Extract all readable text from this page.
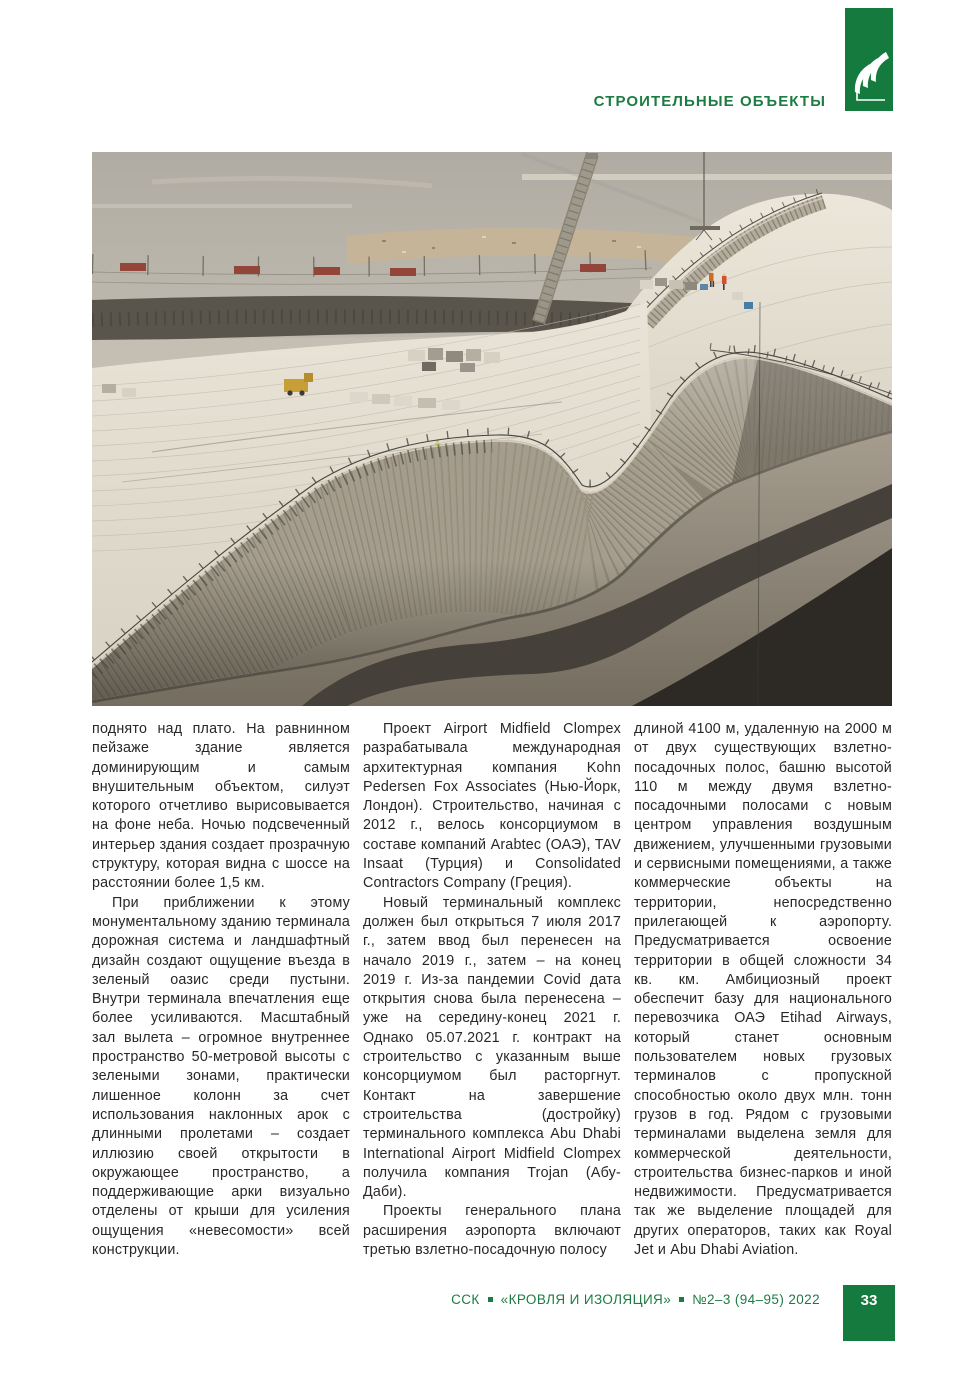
СТРОИТЕЛЬНЫЕ ОБЪЕКТЫ

поднято над плато. На равнинном пейзаже здание является доминирующим и самым внушительным объектом, силуэт которого отчетливо вырисовывается на фоне неба. Ночью подсвеченный интерьер здания создает прозрачную структуру, которая видна с шоссе на расстоянии более 1,5 км.

При приближении к этому монументальному зданию терминала дорожная система и ландшафтный дизайн создают ощущение въезда в зеленый оазис среди пустыни. Внутри терминала впечатления еще более усиливаются. Масштабный зал вылета – огромное внутреннее пространство 50-метровой высоты с зелеными зонами, практически лишенное колонн за счет использования наклонных арок с длинными пролетами – создает иллюзию своей открытости в окружающее пространство, а поддерживающие арки визуально отделены от крыши для усиления ощущения «невесомости» всей конструкции.

Проект Airport Midfield Clompex разрабатывала международная архитектурная компания Kohn Pedersen Fox Associates (Нью-Йорк, Лондон). Строительство, начиная с 2012 г., велось консорциумом в составе компаний Arabtec (ОАЭ), TAV Insaat (Турция) и Consolidated Contractors Company (Греция).

Новый терминальный комплекс должен был открыться 7 июля 2017 г., затем ввод был перенесен на начало 2019 г., затем – на конец 2019 г. Из-за пандемии Covid дата открытия снова была перенесена – уже на середину-конец 2021 г. Однако 05.07.2021 г. контракт на строительство с указанным выше консорциумом был расторгнут. Контакт на завершение строительства (достройку) терминального комплекса Abu Dhabi International Airport Midfield Clompex получила компания Trojan (Абу-Даби).

Проекты генерального плана расширения аэропорта включают третью взлетно-посадочную полосу

длиной 4100 м, удаленную на 2000 м от двух существующих взлетно-посадочных полос, башню высотой 110 м между двумя взлетно-посадочными полосами с новым центром управления воздушным движением, улучшенными грузовыми и сервисными помещениями, а также коммерческие объекты на территории, непосредственно прилегающей к аэропорту. Предусматривается освоение территории в общей сложности 34 кв. км. Амбициозный проект обеспечит базу для национального перевозчика ОАЭ Etihad Airways, который станет основным пользователем новых грузовых терминалов с пропускной способностью около двух млн. тонн грузов в год. Рядом с грузовыми терминалами выделена земля для коммерческой деятельности, строительства бизнес-парков и иной недвижимости. Предусматривается так же выделение площадей для других операторов, таких как Royal Jet и Abu Dhabi Aviation.

ССК «КРОВЛЯ И ИЗОЛЯЦИЯ» №2–3 (94–95) 2022	33
